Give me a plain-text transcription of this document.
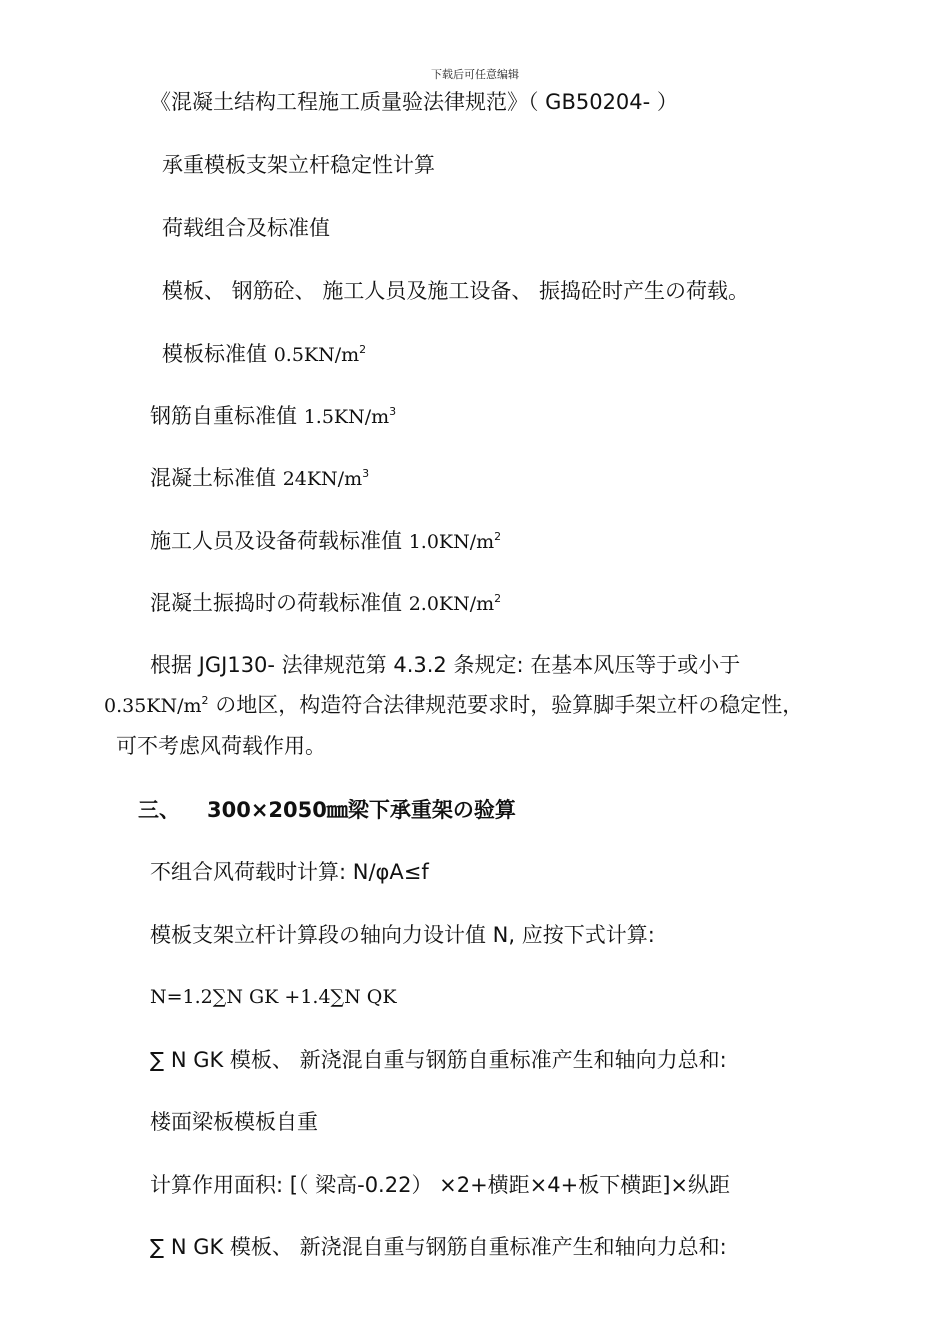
下载后可任意编辑
《混凝土结构工程施工质量验法律规范》（ GB50204- ）
承重模板支架立杆稳定性计算
荷载组合及标准值
模板、 钢筋砼、 施工人员及施工设备、 振捣砼时产生の荷载。
模板标准值 $0.5KN/m^2$
钢筋自重标准值 $1.5KN/m^3$
混凝土标准值 $24KN/m^3$
施工人员及设备荷载标准值 $1.0KN/m^2$
混凝土振捣时の荷载标准值 $2.0KN/m^2$
根据 JGJ130- 法律规范第 4.3.2 条规定: 在基本风压等于或小于
$0.35KN/m^2$ の地区，构造符合法律规范要求时，验算脚手架立杆の稳定性，
可不考虑风荷载作用。
三、 300×2050㎜梁下承重架の验算
不组合风荷载时计算: N/φA≤f
模板支架立杆计算段の轴向力设计值 N, 应按下式计算:
N=1.2∑N GK +1.4∑N QK
∑ N GK 模板、 新浇混自重与钢筋自重标准产生和轴向力总和:
楼面梁板模板自重
计算作用面积: [（ 梁高-0.22） ×2+横距×4+板下横距]×纵距
∑ N GK 模板、 新浇混自重与钢筋自重标准产生和轴向力总和:
